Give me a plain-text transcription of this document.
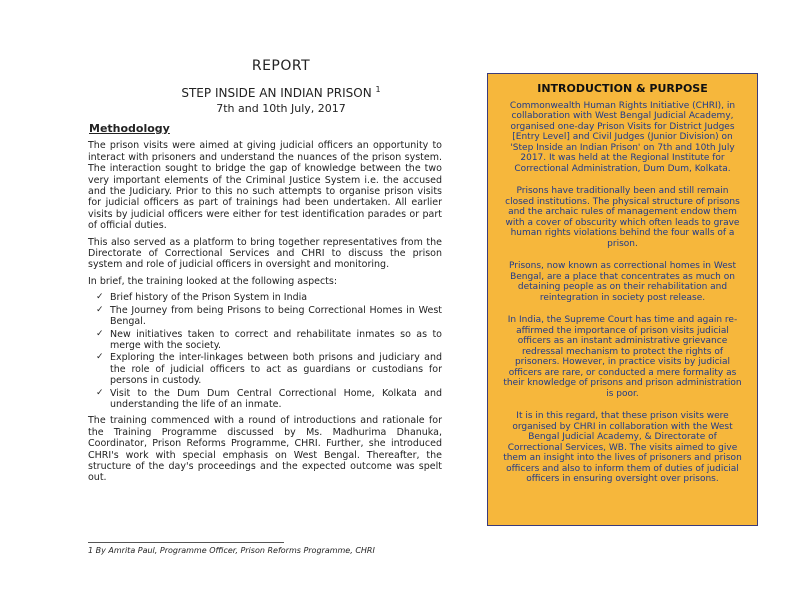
REPORT
STEP INSIDE AN INDIAN PRISON $^1$
7th and 10th July, 2017
Methodology

The prison visits were aimed at giving judicial officers an opportunity to interact with prisoners and understand the nuances of the prison system. The interaction sought to bridge the gap of knowledge between the two very important elements of the Criminal Justice System i.e. the accused and the Judiciary. Prior to this no such attempts to organise prison visits for judicial officers as part of trainings had been undertaken. All earlier visits by judicial officers were either for test identification parades or part of official duties.

This also served as a platform to bring together representatives from the Directorate of Correctional Services and CHRI to discuss the prison system and role of judicial officers in oversight and monitoring.

In brief, the training looked at the following aspects:

✓ Brief history of the Prison System in India
✓ The Journey from being Prisons to being Correctional Homes in West Bengal.
✓ New initiatives taken to correct and rehabilitate inmates so as to merge with the society.
✓ Exploring the inter-linkages between both prisons and judiciary and the role of judicial officers to act as guardians or custodians for persons in custody.
✓ Visit to the Dum Dum Central Correctional Home, Kolkata and understanding the life of an inmate.

The training commenced with a round of introductions and rationale for the Training Programme discussed by Ms. Madhurima Dhanuka, Coordinator, Prison Reforms Programme, CHRI. Further, she introduced CHRI's work with special emphasis on West Bengal. Thereafter, the structure of the day's proceedings and the expected outcome was spelt out.

1 By Amrita Paul, Programme Officer, Prison Reforms Programme, CHRI
INTRODUCTION & PURPOSE

Commonwealth Human Rights Initiative (CHRI), in collaboration with West Bengal Judicial Academy, organised one-day Prison Visits for District Judges [Entry Level] and Civil Judges (Junior Division) on 'Step Inside an Indian Prison' on 7th and 10th July 2017. It was held at the Regional Institute for Correctional Administration, Dum Dum, Kolkata.

Prisons have traditionally been and still remain closed institutions. The physical structure of prisons and the archaic rules of management endow them with a cover of obscurity which often leads to grave human rights violations behind the four walls of a prison.

Prisons, now known as correctional homes in West Bengal, are a place that concentrates as much on detaining people as on their rehabilitation and reintegration in society post release.

In India, the Supreme Court has time and again re-affirmed the importance of prison visits judicial officers as an instant administrative grievance redressal mechanism to protect the rights of prisoners. However, in practice visits by judicial officers are rare, or conducted a mere formality as their knowledge of prisons and prison administration is poor.

It is in this regard, that these prison visits were organised by CHRI in collaboration with the West Bengal Judicial Academy, & Directorate of Correctional Services, WB. The visits aimed to give them an insight into the lives of prisoners and prison officers and also to inform them of duties of judicial officers in ensuring oversight over prisons.
